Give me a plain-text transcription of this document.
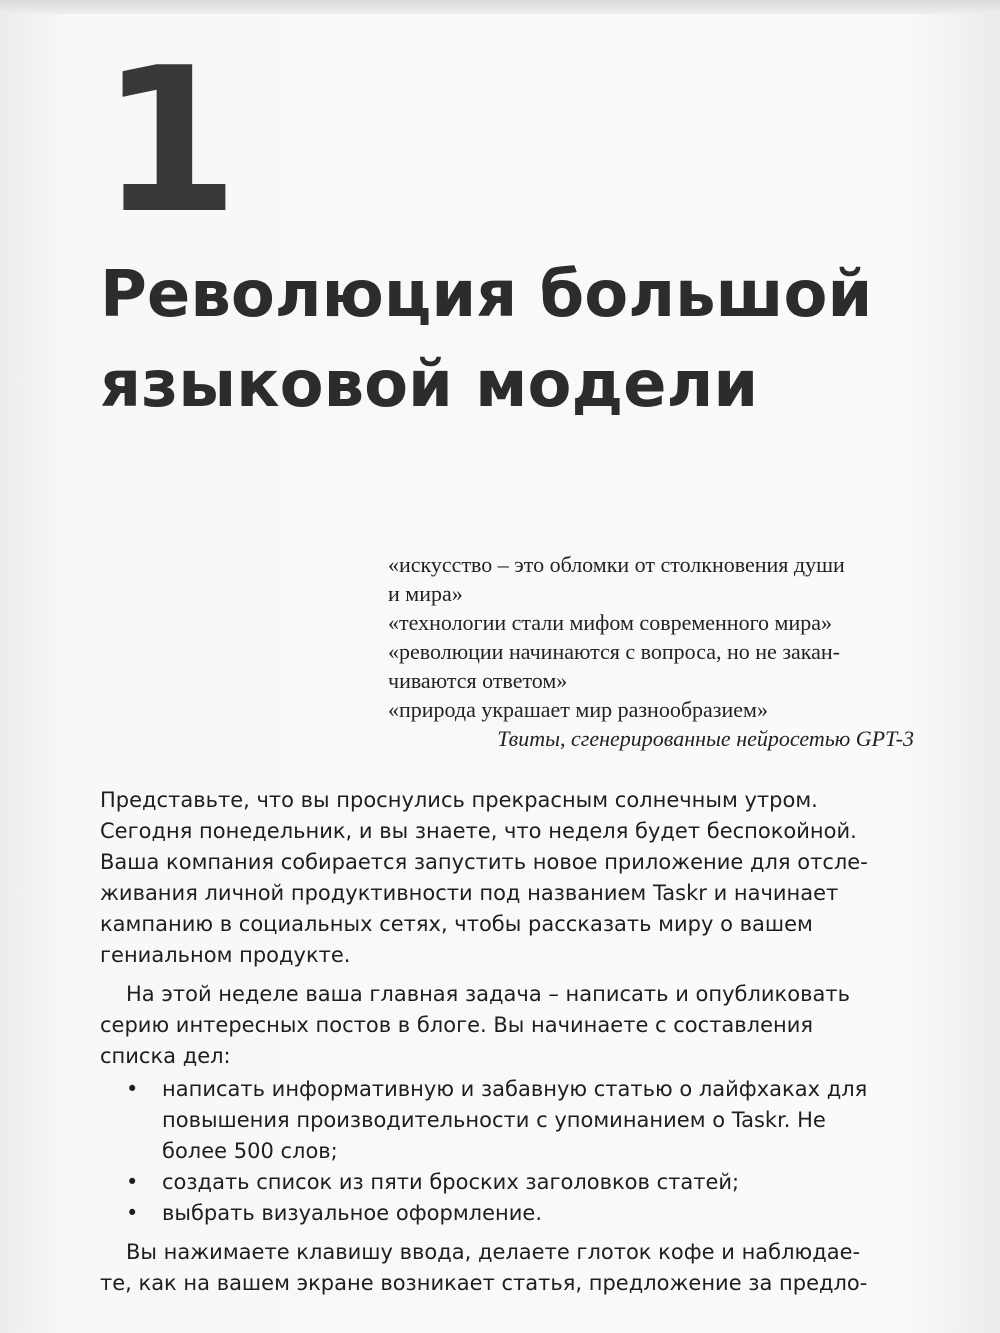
1
Революция большой
языковой модели
«искусство – это обломки от столкновения души
и мира»
«технологии стали мифом современного мира»
«революции начинаются с вопроса, но не закан-
чиваются ответом»
«природа украшает мир разнообразием»
Твиты, сгенерированные нейросетью GPT-3
Представьте, что вы проснулись прекрасным солнечным утром.
Сегодня понедельник, и вы знаете, что неделя будет беспокойной.
Ваша компания собирается запустить новое приложение для отсле-
живания личной продуктивности под названием Taskr и начинает
кампанию в социальных сетях, чтобы рассказать миру о вашем
гениальном продукте.
На этой неделе ваша главная задача – написать и опубликовать
серию интересных постов в блоге. Вы начинаете с составления
списка дел:
• написать информативную и забавную статью о лайфхаках для
повышения производительности с упоминанием о Taskr. Не
более 500 слов;
• создать список из пяти броских заголовков статей;
• выбрать визуальное оформление.
Вы нажимаете клавишу ввода, делаете глоток кофе и наблюдае-
те, как на вашем экране возникает статья, предложение за предло-
